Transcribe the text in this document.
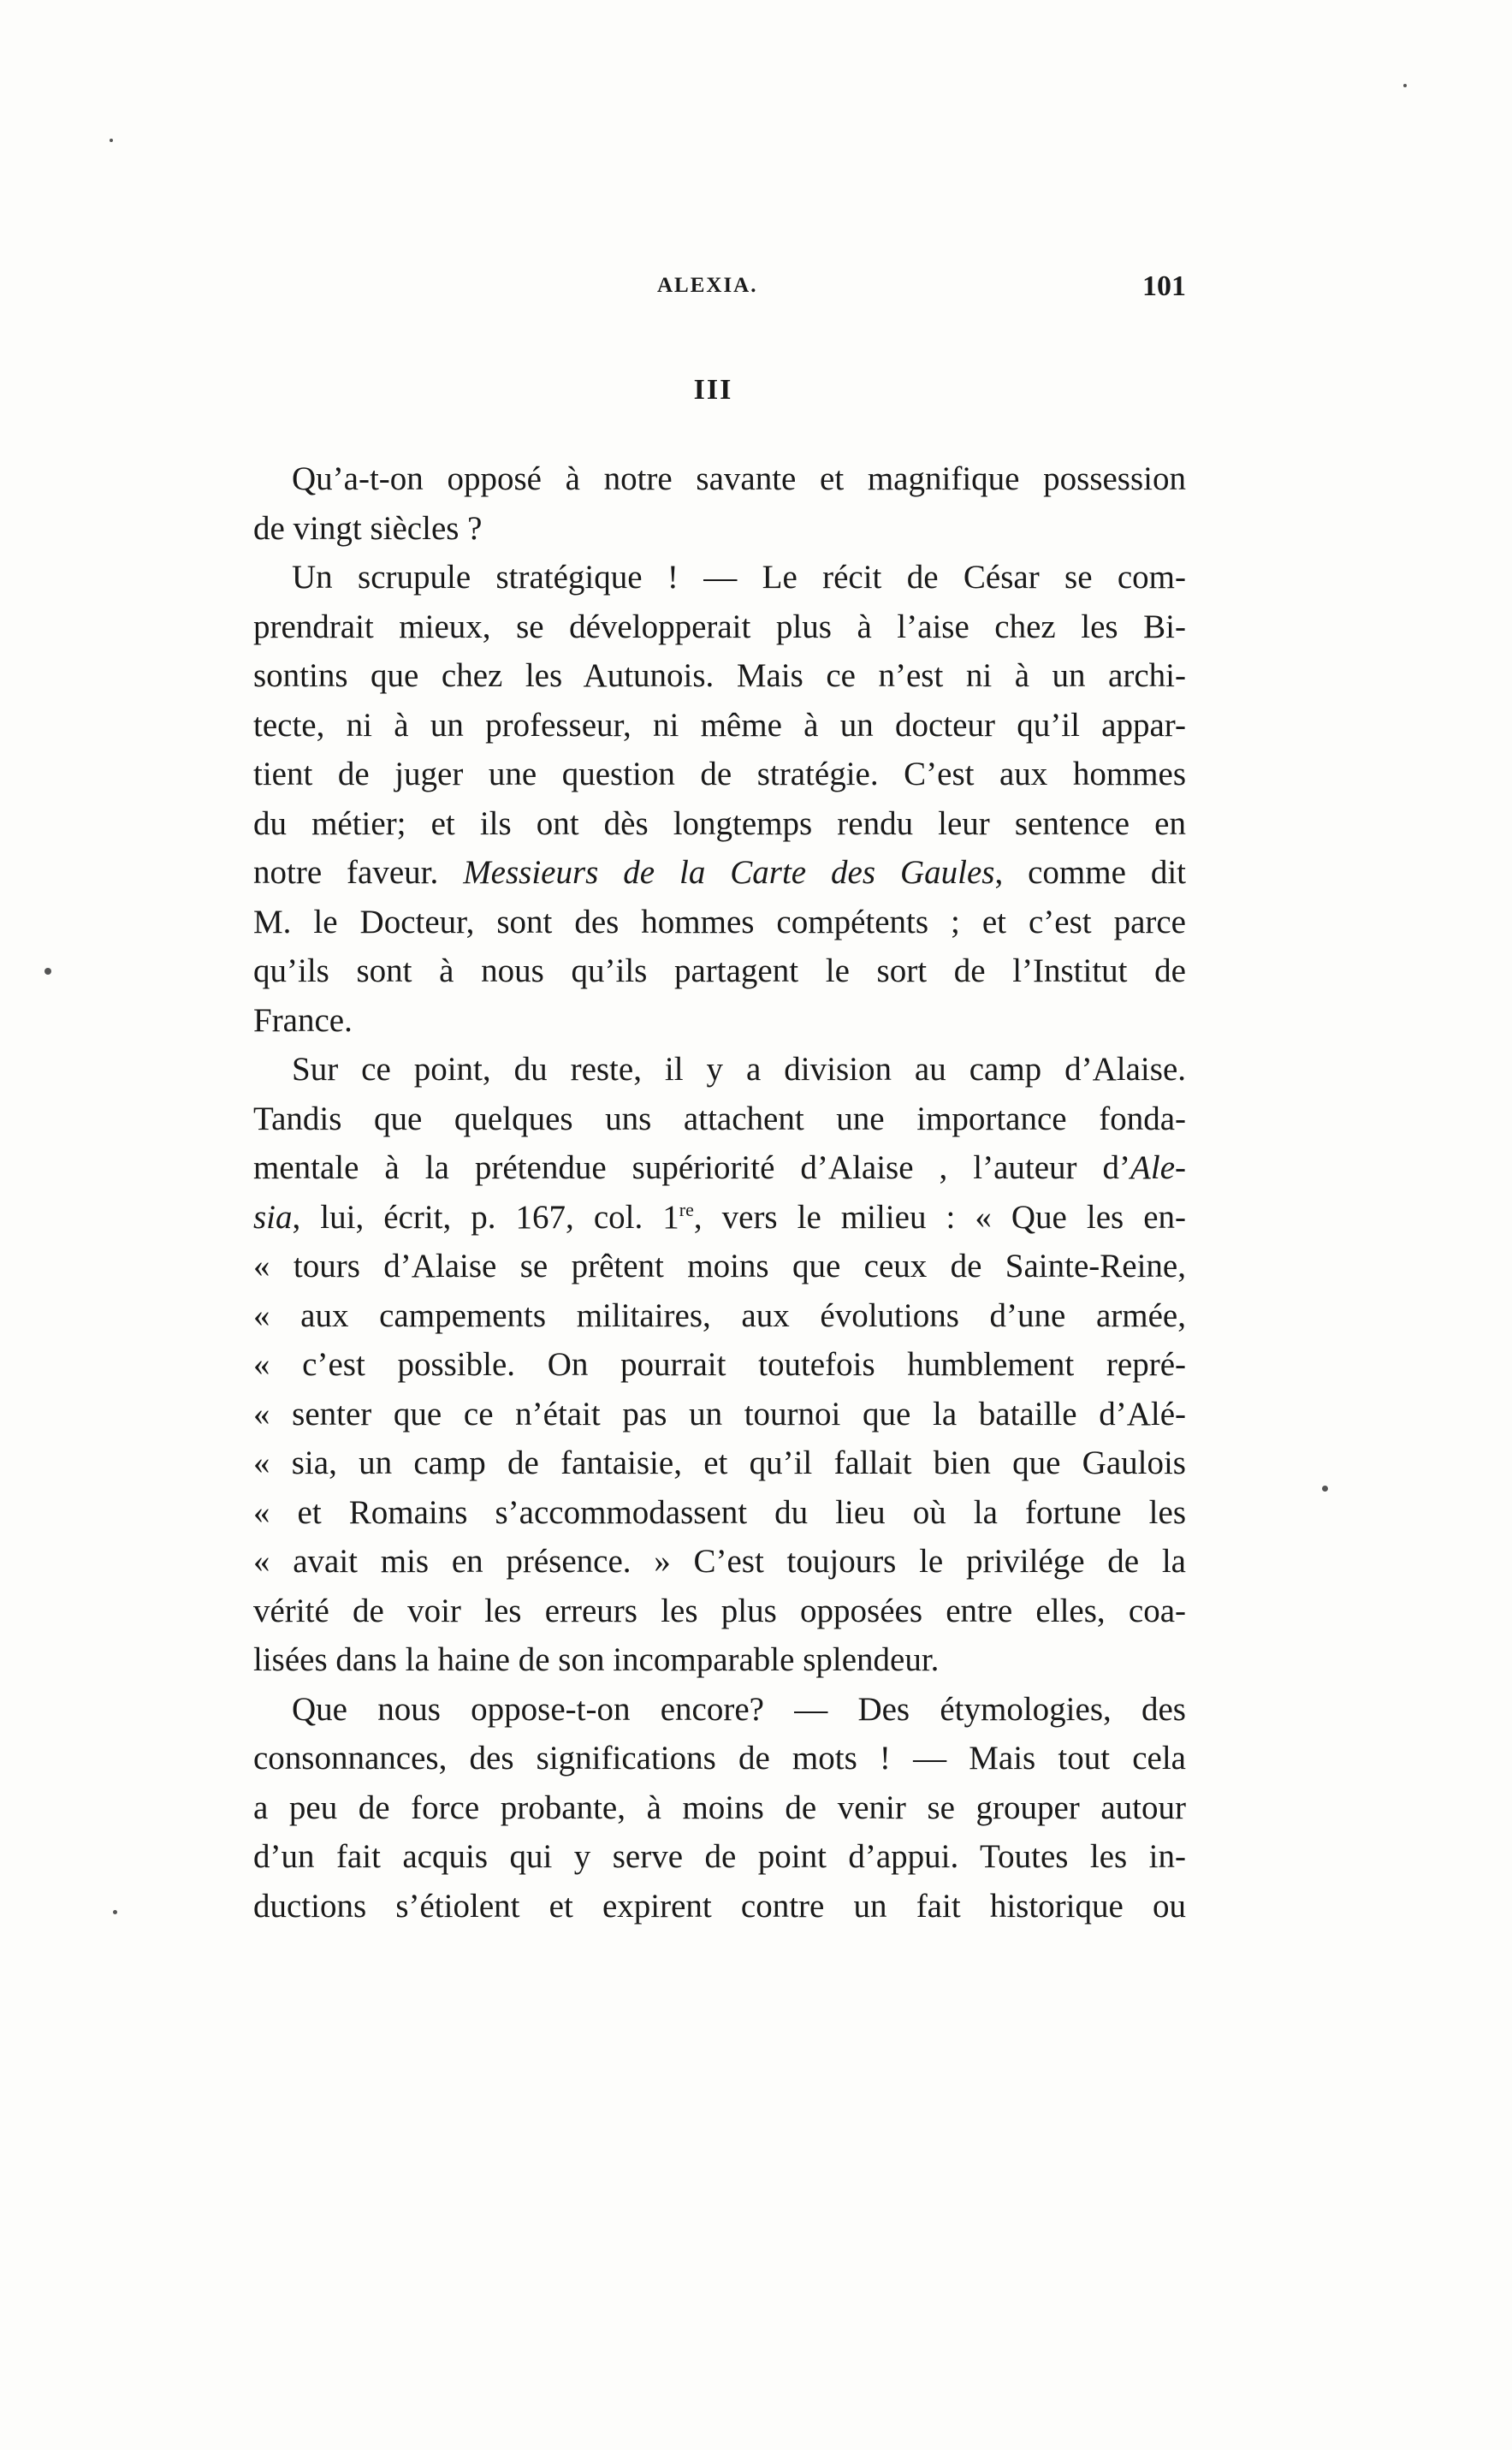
ALEXIA.	101
III
Qu’a-t-on opposé à notre savante et magnifique possession
de vingt siècles ?
Un scrupule stratégique ! — Le récit de César se com-
prendrait mieux, se développerait plus à l’aise chez les Bi-
sontins que chez les Autunois. Mais ce n’est ni à un archi-
tecte, ni à un professeur, ni même à un docteur qu’il appar-
tient de juger une question de stratégie. C’est aux hommes
du métier; et ils ont dès longtemps rendu leur sentence en
notre faveur. Messieurs de la Carte des Gaules, comme dit
M. le Docteur, sont des hommes compétents ; et c’est parce
qu’ils sont à nous qu’ils partagent le sort de l’Institut de
France.
Sur ce point, du reste, il y a division au camp d’Alaise.
Tandis que quelques uns attachent une importance fonda-
mentale à la prétendue supériorité d’Alaise , l’auteur d’Ale-
sia, lui, écrit, p. 167, col. 1re, vers le milieu : « Que les en-
« tours d’Alaise se prêtent moins que ceux de Sainte-Reine,
« aux campements militaires, aux évolutions d’une armée,
« c’est possible. On pourrait toutefois humblement repré-
« senter que ce n’était pas un tournoi que la bataille d’Alé-
« sia, un camp de fantaisie, et qu’il fallait bien que Gaulois
« et Romains s’accommodassent du lieu où la fortune les
« avait mis en présence. » C’est toujours le privilége de la
vérité de voir les erreurs les plus opposées entre elles, coa-
lisées dans la haine de son incomparable splendeur.
Que nous oppose-t-on encore? — Des étymologies, des
consonnances, des significations de mots ! — Mais tout cela
a peu de force probante, à moins de venir se grouper autour
d’un fait acquis qui y serve de point d’appui. Toutes les in-
ductions s’étiolent et expirent contre un fait historique ou
